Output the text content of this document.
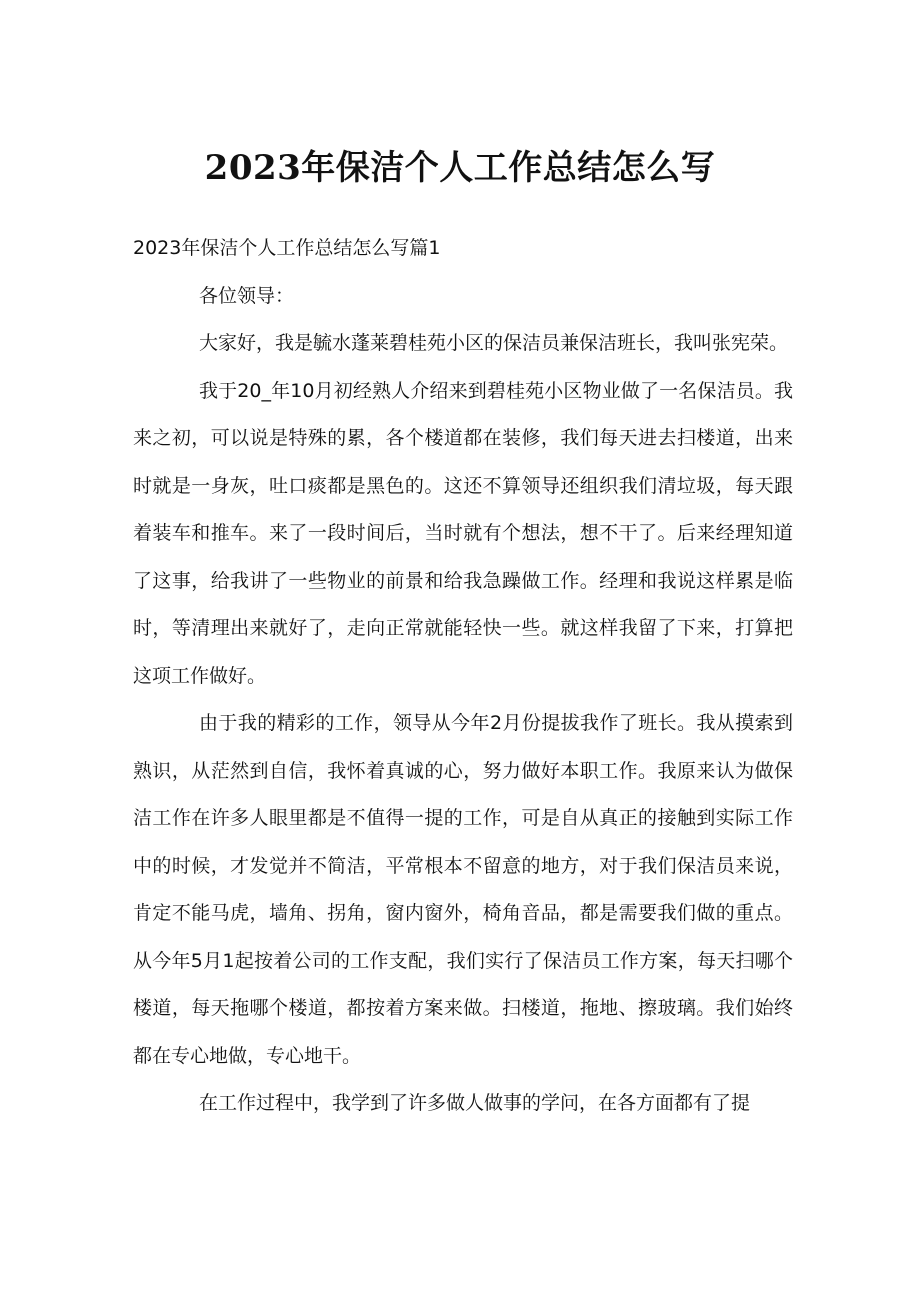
2023年保洁个人工作总结怎么写

2023年保洁个人工作总结怎么写篇1

各位领导：

大家好，我是毓水蓬莱碧桂苑小区的保洁员兼保洁班长，我叫张宪荣。

我于20_年10月初经熟人介绍来到碧桂苑小区物业做了一名保洁员。我来之初，可以说是特殊的累，各个楼道都在装修，我们每天进去扫楼道，出来时就是一身灰，吐口痰都是黑色的。这还不算领导还组织我们清垃圾，每天跟着装车和推车。来了一段时间后，当时就有个想法，想不干了。后来经理知道了这事，给我讲了一些物业的前景和给我急躁做工作。经理和我说这样累是临时，等清理出来就好了，走向正常就能轻快一些。就这样我留了下来，打算把这项工作做好。

由于我的精彩的工作，领导从今年2月份提拔我作了班长。我从摸索到熟识，从茫然到自信，我怀着真诚的心，努力做好本职工作。我原来认为做保洁工作在许多人眼里都是不值得一提的工作，可是自从真正的接触到实际工作中的时候，才发觉并不简洁，平常根本不留意的地方，对于我们保洁员来说，肯定不能马虎，墙角、拐角，窗内窗外，椅角音品，都是需要我们做的重点。从今年5月1起按着公司的工作支配，我们实行了保洁员工作方案，每天扫哪个楼道，每天拖哪个楼道，都按着方案来做。扫楼道，拖地、擦玻璃。我们始终都在专心地做，专心地干。

在工作过程中，我学到了许多做人做事的学问，在各方面都有了提
